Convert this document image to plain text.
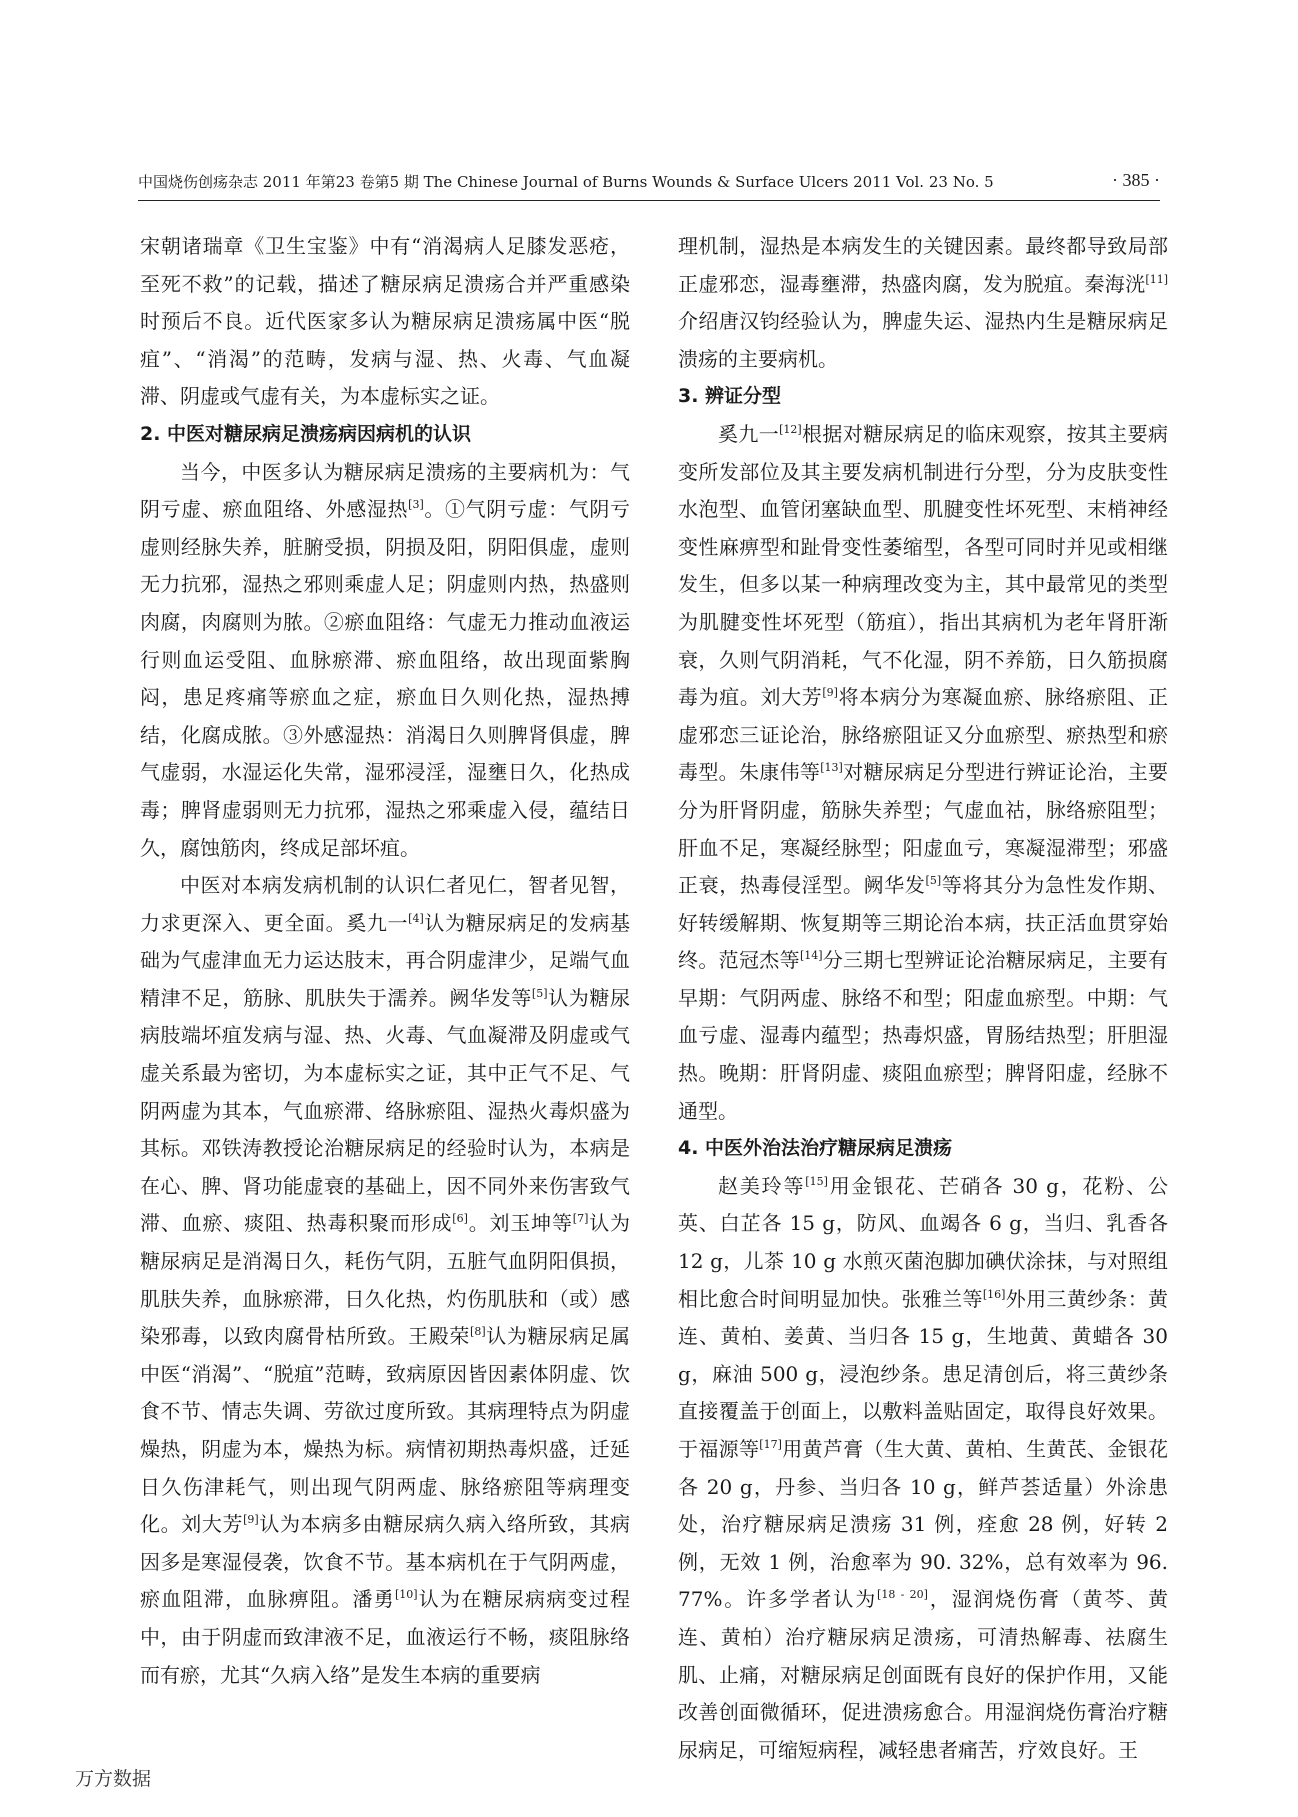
中国烧伤创疡杂志 2011 年第23 卷第5 期 The Chinese Journal of Burns Wounds & Surface Ulcers 2011 Vol. 23 No. 5	· 385 ·

宋朝诸瑞章《卫生宝鉴》中有“消渴病人足膝发恶疮，至死不救”的记载，描述了糖尿病足溃疡合并严重感染时预后不良。近代医家多认为糖尿病足溃疡属中医“脱疽”、“消渴”的范畴，发病与湿、热、火毒、气血凝滞、阴虚或气虚有关，为本虚标实之证。

2. 中医对糖尿病足溃疡病因病机的认识

当今，中医多认为糖尿病足溃疡的主要病机为：气阴亏虚、瘀血阻络、外感湿热[3]。①气阴亏虚：气阴亏虚则经脉失养，脏腑受损，阴损及阳，阴阳俱虚，虚则无力抗邪，湿热之邪则乘虚人足；阴虚则内热，热盛则肉腐，肉腐则为脓。②瘀血阻络：气虚无力推动血液运行则血运受阻、血脉瘀滞、瘀血阻络，故出现面紫胸闷，患足疼痛等瘀血之症，瘀血日久则化热，湿热搏结，化腐成脓。③外感湿热：消渴日久则脾肾俱虚，脾气虚弱，水湿运化失常，湿邪浸淫，湿壅日久，化热成毒；脾肾虚弱则无力抗邪，湿热之邪乘虚入侵，蕴结日久，腐蚀筋肉，终成足部坏疽。

中医对本病发病机制的认识仁者见仁，智者见智，力求更深入、更全面。奚九一[4]认为糖尿病足的发病基础为气虚津血无力运达肢末，再合阴虚津少，足端气血精津不足，筋脉、肌肤失于濡养。阙华发等[5]认为糖尿病肢端坏疽发病与湿、热、火毒、气血凝滞及阴虚或气虚关系最为密切，为本虚标实之证，其中正气不足、气阴两虚为其本，气血瘀滞、络脉瘀阻、湿热火毒炽盛为其标。邓铁涛教授论治糖尿病足的经验时认为，本病是在心、脾、肾功能虚衰的基础上，因不同外来伤害致气滞、血瘀、痰阻、热毒积聚而形成[6]。刘玉坤等[7]认为糖尿病足是消渴日久，耗伤气阴，五脏气血阴阳俱损，肌肤失养，血脉瘀滞，日久化热，灼伤肌肤和（或）感染邪毒，以致肉腐骨枯所致。王殿荣[8]认为糖尿病足属中医“消渴”、“脱疽”范畴，致病原因皆因素体阴虚、饮食不节、情志失调、劳欲过度所致。其病理特点为阴虚燥热，阴虚为本，燥热为标。病情初期热毒炽盛，迁延日久伤津耗气，则出现气阴两虚、脉络瘀阻等病理变化。刘大芳[9]认为本病多由糖尿病久病入络所致，其病因多是寒湿侵袭，饮食不节。基本病机在于气阴两虚，瘀血阻滞，血脉痹阻。潘勇[10]认为在糖尿病病变过程中，由于阴虚而致津液不足，血液运行不畅，痰阻脉络而有瘀，尤其“久病入络”是发生本病的重要病

理机制，湿热是本病发生的关键因素。最终都导致局部正虚邪恋，湿毒壅滞，热盛肉腐，发为脱疽。秦海洸[11]介绍唐汉钧经验认为，脾虚失运、湿热内生是糖尿病足溃疡的主要病机。

3. 辨证分型

奚九一[12]根据对糖尿病足的临床观察，按其主要病变所发部位及其主要发病机制进行分型，分为皮肤变性水泡型、血管闭塞缺血型、肌腱变性坏死型、末梢神经变性麻痹型和趾骨变性萎缩型，各型可同时并见或相继发生，但多以某一种病理改变为主，其中最常见的类型为肌腱变性坏死型（筋疽），指出其病机为老年肾肝渐衰，久则气阴消耗，气不化湿，阴不养筋，日久筋损腐毒为疽。刘大芳[9]将本病分为寒凝血瘀、脉络瘀阻、正虚邪恋三证论治，脉络瘀阻证又分血瘀型、瘀热型和瘀毒型。朱康伟等[13]对糖尿病足分型进行辨证论治，主要分为肝肾阴虚，筋脉失养型；气虚血祜，脉络瘀阻型；肝血不足，寒凝经脉型；阳虚血亏，寒凝湿滞型；邪盛正衰，热毒侵淫型。阙华发[5]等将其分为急性发作期、好转缓解期、恢复期等三期论治本病，扶正活血贯穿始终。范冠杰等[14]分三期七型辨证论治糖尿病足，主要有早期：气阴两虚、脉络不和型；阳虚血瘀型。中期：气血亏虚、湿毒内蕴型；热毒炽盛，胃肠结热型；肝胆湿热。晚期：肝肾阴虚、痰阻血瘀型；脾肾阳虚，经脉不通型。

4. 中医外治法治疗糖尿病足溃疡

赵美玲等[15]用金银花、芒硝各 30 g，花粉、公英、白芷各 15 g，防风、血竭各 6 g，当归、乳香各 12 g，儿茶 10 g 水煎灭菌泡脚加碘伏涂抹，与对照组相比愈合时间明显加快。张雅兰等[16]外用三黄纱条：黄连、黄柏、姜黄、当归各 15 g，生地黄、黄蜡各 30 g，麻油 500 g，浸泡纱条。患足清创后，将三黄纱条直接覆盖于创面上，以敷料盖贴固定，取得良好效果。于福源等[17]用黄芦膏（生大黄、黄柏、生黄芪、金银花各 20 g，丹参、当归各 10 g，鲜芦荟适量）外涂患处，治疗糖尿病足溃疡 31 例，痊愈 28 例，好转 2 例，无效 1 例，治愈率为 90. 32%，总有效率为 96. 77%。许多学者认为[18 - 20]，湿润烧伤膏（黄芩、黄连、黄柏）治疗糖尿病足溃疡，可清热解毒、祛腐生肌、止痛，对糖尿病足创面既有良好的保护作用，又能改善创面微循环，促进溃疡愈合。用湿润烧伤膏治疗糖尿病足，可缩短病程，减轻患者痛苦，疗效良好。王

万方数据
